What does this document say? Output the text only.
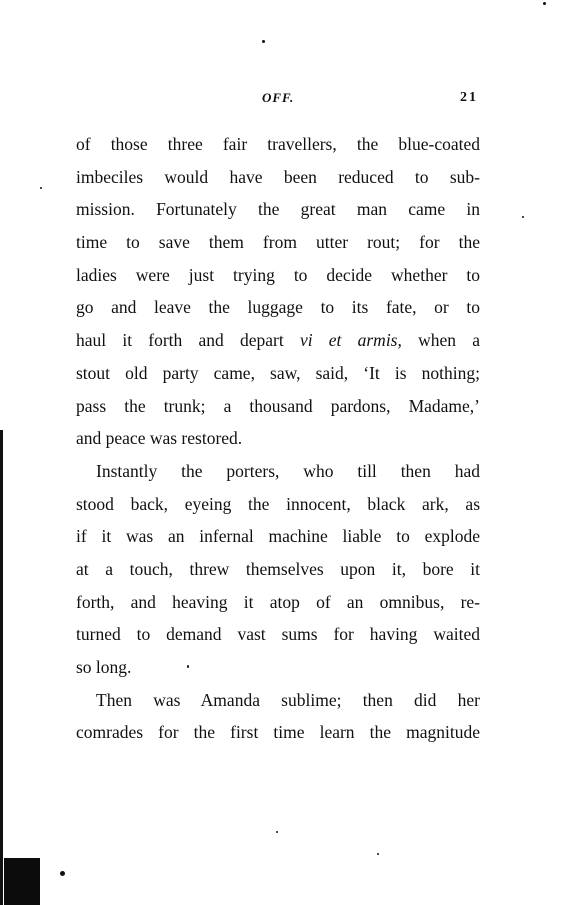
OFF.	21
of those three fair travellers, the blue-coated
imbeciles would have been reduced to sub-
mission. Fortunately the great man came in
time to save them from utter rout; for the
ladies were just trying to decide whether to
go and leave the luggage to its fate, or to
haul it forth and depart vi et armis, when a
stout old party came, saw, said, ‘It is nothing;
pass the trunk; a thousand pardons, Madame,’
and peace was restored.
Instantly the porters, who till then had
stood back, eyeing the innocent, black ark, as
if it was an infernal machine liable to explode
at a touch, threw themselves upon it, bore it
forth, and heaving it atop of an omnibus, re-
turned to demand vast sums for having waited
so long.
Then was Amanda sublime; then did her
comrades for the first time learn the magnitude
